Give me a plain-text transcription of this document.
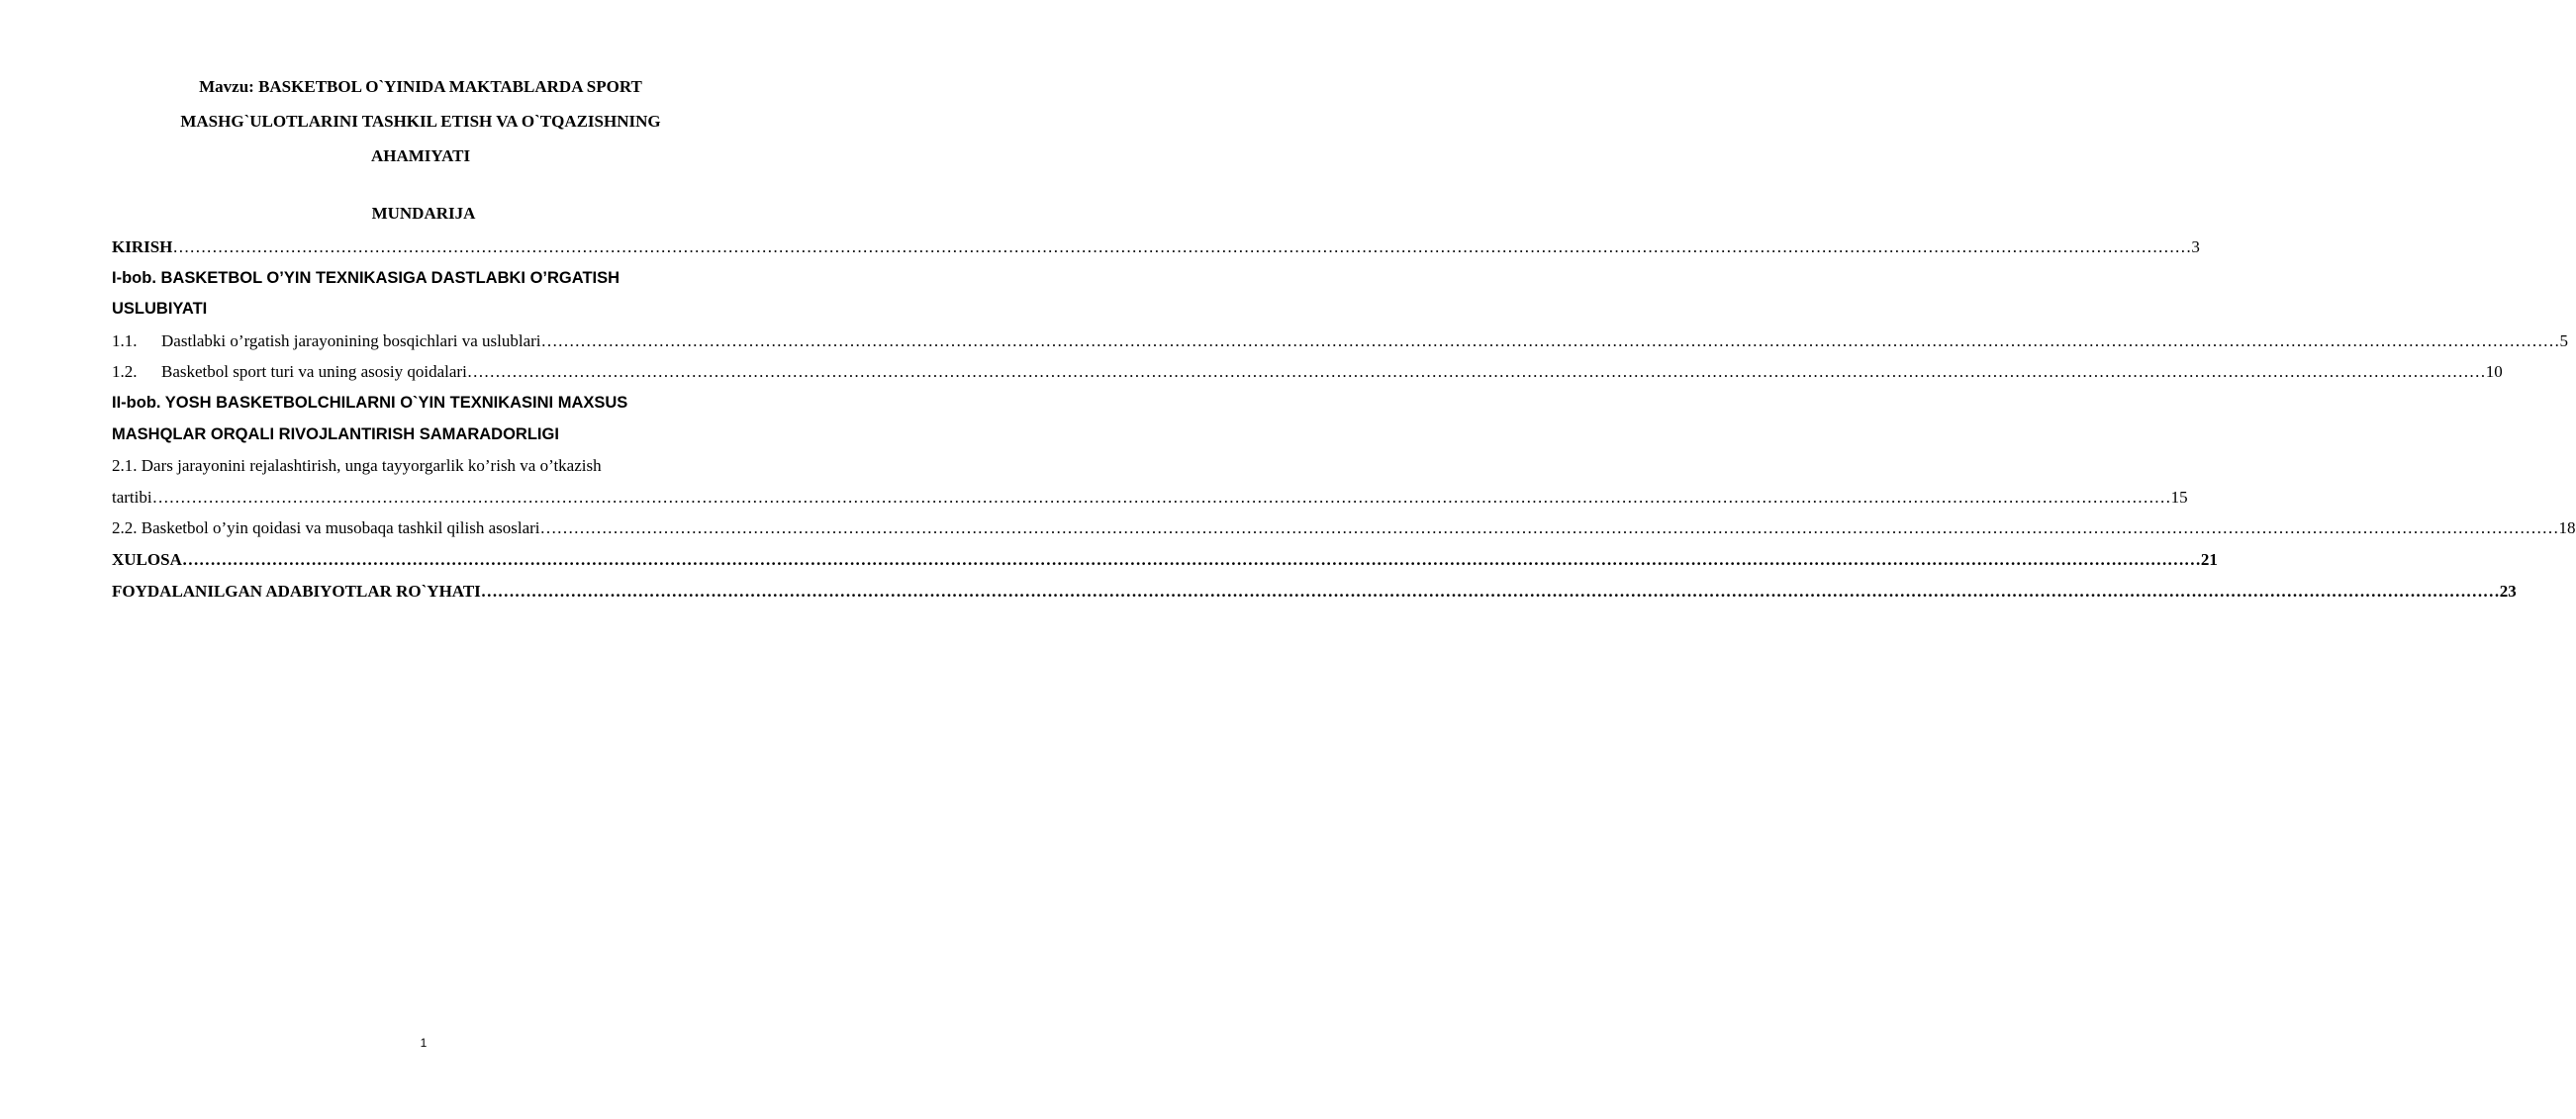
Mavzu: BASKETBOL O`YINIDA MAKTABLARDA SPORT
MASHG`ULOTLARINI TASHKIL ETISH VA O`TQAZISHNING
AHAMIYATI
MUNDARIJA
KIRISH ……………………………………………………………………………………………………………………………………………………………………………………………………………………………………………………………………………………………………………………………… 3
I-bob. BASKETBOL O’YIN TEXNIKASIGA DASTLABKI O’RGATISH
USLUBIYATI
1.1.	Dastlabki o’rgatish jarayonining bosqichlari va uslublari ……………………………………………………………………………………………………………………………………………………………………………………………………………………………………………………………………………………………………………………………… 5
1.2.	Basketbol sport turi va uning asosiy qoidalari ……………………………………………………………………………………………………………………………………………………………………………………………………………………………………………………………………………………………………………………………… 10
II-bob. YOSH BASKETBOLCHILARNI O`YIN TEXNIKASINI MAXSUS
MASHQLAR ORQALI RIVOJLANTIRISH SAMARADORLIGI
2.1. Dars jarayonini rejalashtirish, unga tayyorgarlik ko’rish va o’tkazish
tartibi ……………………………………………………………………………………………………………………………………………………………………………………………………………………………………………………………………………………………………………………………… 15
2.2. Basketbol o’yin qoidasi va musobaqa tashkil qilish asoslari ……………………………………………………………………………………………………………………………………………………………………………………………………………………………………………………………………………………………………………………………… 18
XULOSA ……………………………………………………………………………………………………………………………………………………………………………………………………………………………………………………………………………………………………………………………… 21
FOYDALANILGAN ADABIYOTLAR RO`YHATI ……………………………………………………………………………………………………………………………………………………………………………………………………………………………………………………………………………………………………………………………… 23
1
